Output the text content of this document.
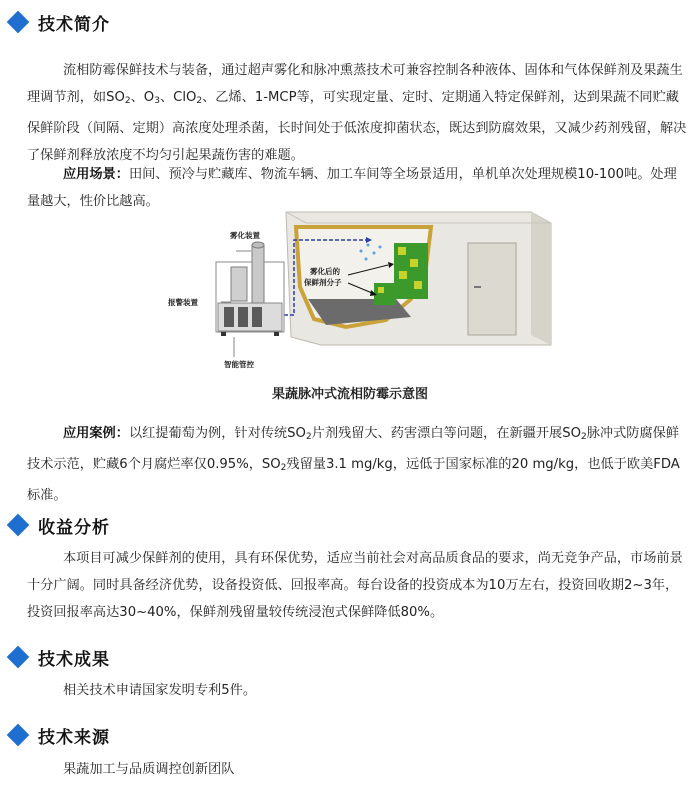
技术简介

流相防霉保鲜技术与装备，通过超声雾化和脉冲熏蒸技术可兼容控制各种液体、固体和气体保鲜剂及果蔬生理调节剂，如$SO_2$、$O_3$、ClO$_2$、乙烯、1-MCP等，可实现定量、定时、定期通入特定保鲜剂，达到果蔬不同贮藏保鲜阶段（间隔、定期）高浓度处理杀菌，长时间处于低浓度抑菌状态，既达到防腐效果，又减少药剂残留，解决了保鲜剂释放浓度不均匀引起果蔬伤害的难题。

应用场景：田间、预冷与贮藏库、物流车辆、加工车间等全场景适用，单机单次处理规模10-100吨。处理量越大，性价比越高。

雾化装置
报警装置
智能管控
雾化后的
保鲜剂分子
果蔬脉冲式流相防霉示意图

应用案例：以红提葡萄为例，针对传统$SO_2$片剂残留大、药害漂白等问题，在新疆开展$SO_2$脉冲式防腐保鲜技术示范，贮藏6个月腐烂率仅0.95%，$SO_2$残留量3.1 mg/kg，远低于国家标准的20 mg/kg，也低于欧美FDA标准。

收益分析

本项目可减少保鲜剂的使用，具有环保优势，适应当前社会对高品质食品的要求，尚无竞争产品，市场前景十分广阔。同时具备经济优势，设备投资低、回报率高。每台设备的投资成本为10万左右，投资回收期2~3年，投资回报率高达30~40%，保鲜剂残留量较传统浸泡式保鲜降低80%。

技术成果

相关技术申请国家发明专利5件。

技术来源

果蔬加工与品质调控创新团队
